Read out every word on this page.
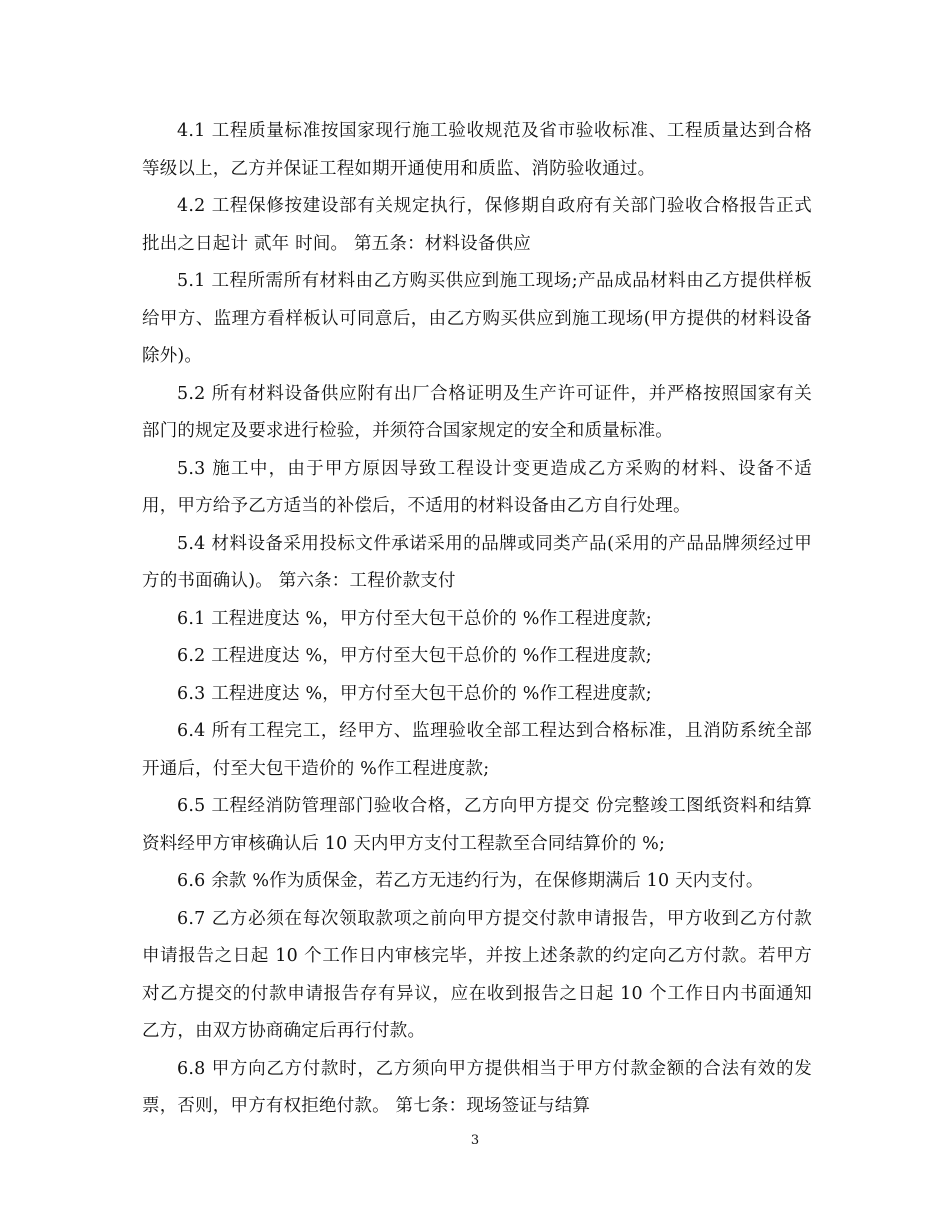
4.1 工程质量标准按国家现行施工验收规范及省市验收标准、工程质量达到合格 等级以上，乙方并保证工程如期开通使用和质监、消防验收通过。

4.2 工程保修按建设部有关规定执行，保修期自政府有关部门验收合格报告正式批出之日起计 贰年 时间。 第五条：材料设备供应

5.1 工程所需所有材料由乙方购买供应到施工现场;产品成品材料由乙方提供样板给甲方、监理方看样板认可同意后，由乙方购买供应到施工现场(甲方提供的材料设备除外)。

5.2 所有材料设备供应附有出厂合格证明及生产许可证件，并严格按照国家有关部门的规定及要求进行检验，并须符合国家规定的安全和质量标准。

5.3 施工中，由于甲方原因导致工程设计变更造成乙方采购的材料、设备不适用，甲方给予乙方适当的补偿后，不适用的材料设备由乙方自行处理。

5.4 材料设备采用投标文件承诺采用的品牌或同类产品(采用的产品品牌须经过甲方的书面确认)。 第六条：工程价款支付

6.1 工程进度达 %，甲方付至大包干总价的 %作工程进度款;

6.2 工程进度达 %，甲方付至大包干总价的 %作工程进度款;

6.3 工程进度达 %，甲方付至大包干总价的 %作工程进度款;

6.4 所有工程完工，经甲方、监理验收全部工程达到合格标准，且消防系统全部开通后，付至大包干造价的 %作工程进度款;

6.5 工程经消防管理部门验收合格，乙方向甲方提交 份完整竣工图纸资料和结算资料经甲方审核确认后 10 天内甲方支付工程款至合同结算价的 %;

6.6 余款 %作为质保金，若乙方无违约行为，在保修期满后 10 天内支付。

6.7 乙方必须在每次领取款项之前向甲方提交付款申请报告，甲方收到乙方付款申请报告之日起 10 个工作日内审核完毕，并按上述条款的约定向乙方付款。若甲方对乙方提交的付款申请报告存有异议，应在收到报告之日起 10 个工作日内书面通知乙方，由双方协商确定后再行付款。

6.8 甲方向乙方付款时，乙方须向甲方提供相当于甲方付款金额的合法有效的发票，否则，甲方有权拒绝付款。 第七条：现场签证与结算

3
